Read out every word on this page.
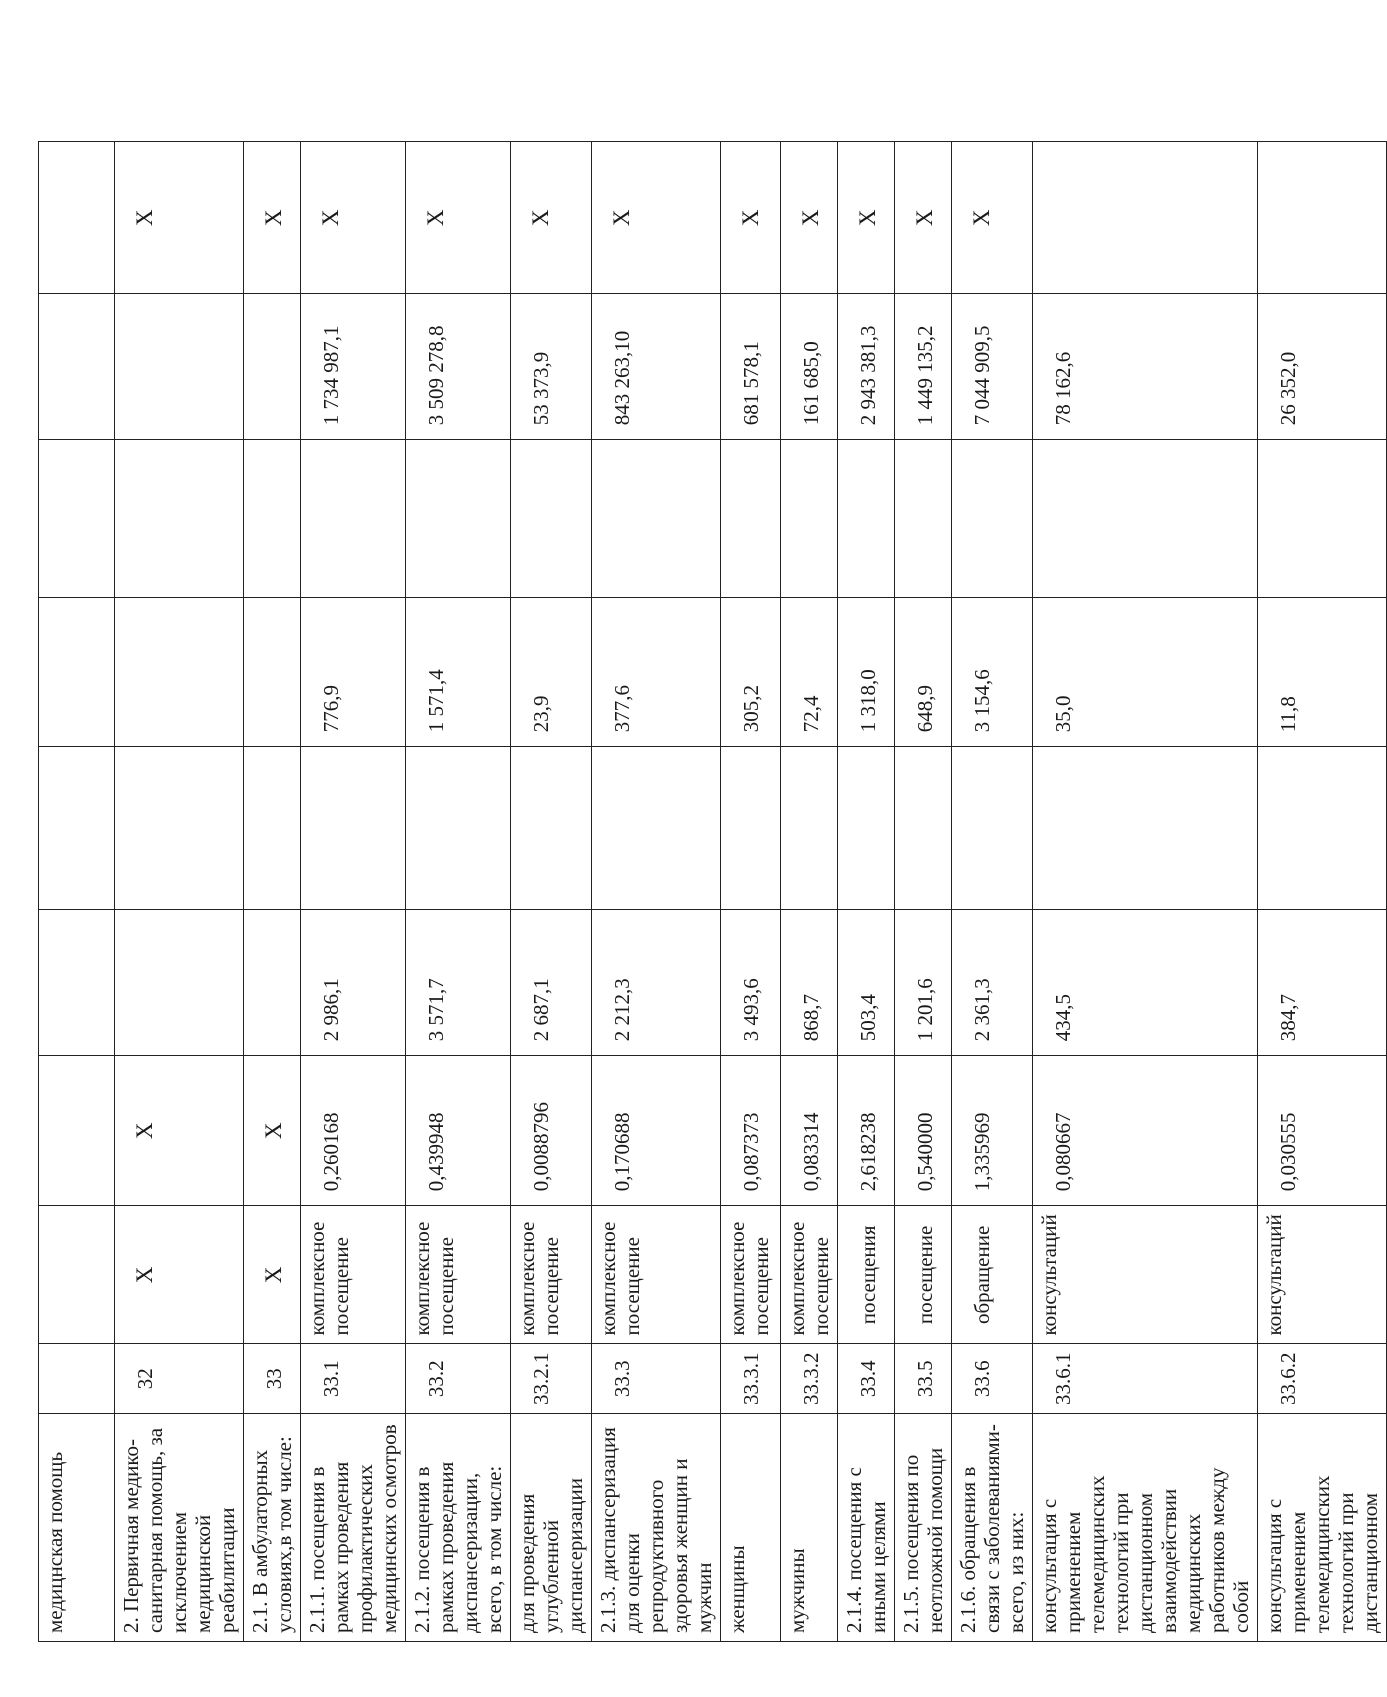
медицнская помощь									
2. Первичная медико-санитарная помощь, за исключением медицинской реабилитации	32	Х	Х						Х
2.1. В амбулаторных условиях,в том числе:	33	Х	Х						Х
2.1.1. посещения в рамках проведения профилактических медицинских осмотров	33.1	комплексное посещение	0,260168	2 986,1		776,9		1 734 987,1	Х
2.1.2. посещения в рамках проведения диспансеризации, всего, в том числе:	33.2	комплексное посещение	0,439948	3 571,7		1 571,4		3 509 278,8	Х
для проведения углубленной диспансеризации	33.2.1	комплексное посещение	0,0088796	2 687,1		23,9		53 373,9	Х
2.1.3. диспансеризация для оценки репродуктивного здоровья женщин и мужчин	33.3	комплексное посещение	0,170688	2 212,3		377,6		843 263,10	Х
женщины	33.3.1	комплексное посещение	0,087373	3 493,6		305,2		681 578,1	Х
мужчины	33.3.2	комплексное посещение	0,083314	868,7		72,4		161 685,0	Х
2.1.4. посещения с иными целями	33.4	посещения	2,618238	503,4		1 318,0		2 943 381,3	Х
2.1.5. посещения по неотложной помощи	33.5	посещение	0,540000	1 201,6		648,9		1 449 135,2	Х
2.1.6. обращения в связи с заболеваниями- всего, из них:	33.6	обращение	1,335969	2 361,3		3 154,6		7 044 909,5	Х
консультация с применением телемедицинских технологий при дистанционном взаимодействии медицинских работников между собой	33.6.1	консультаций	0,080667	434,5		35,0		78 162,6	
консультация с применением телемедицинских технологий при дистанционном	33.6.2	консультаций	0,030555	384,7		11,8		26 352,0	
